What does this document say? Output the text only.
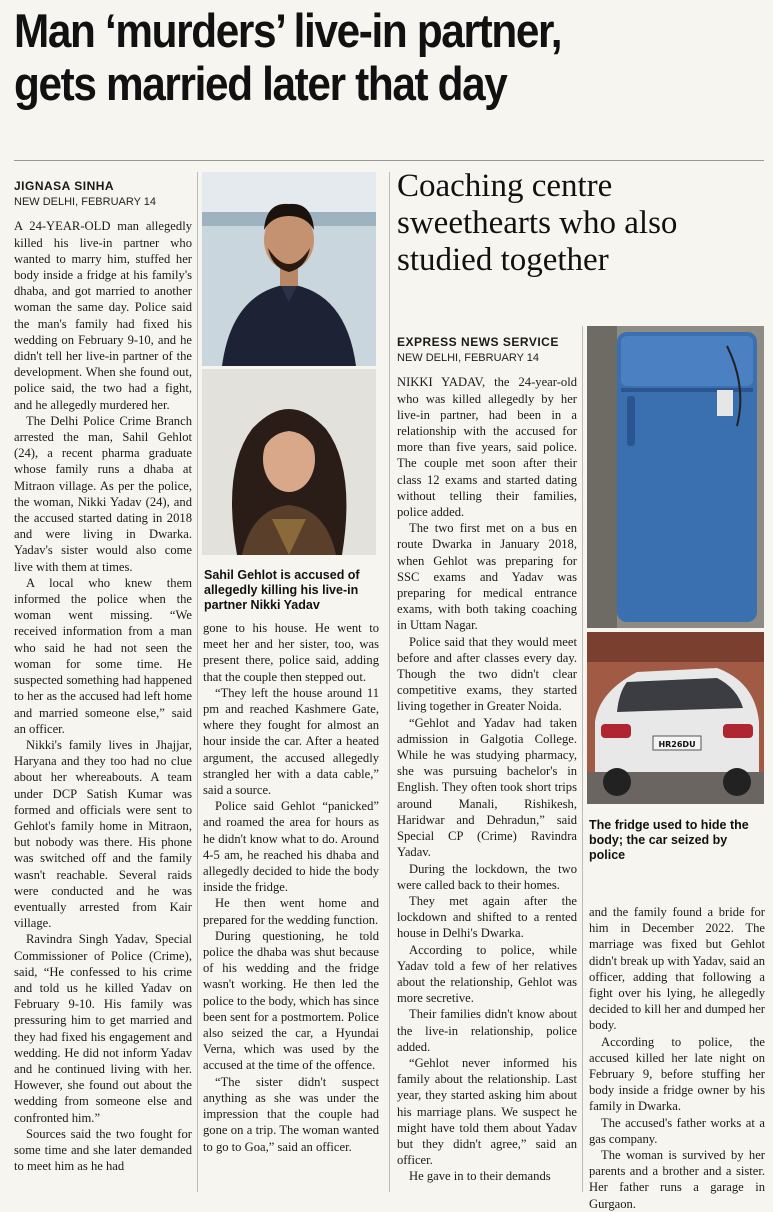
Man ‘murders’ live-in partner,
gets married later that day
JIGNASA SINHA
NEW DELHI, FEBRUARY 14

A 24-YEAR-OLD man allegedly killed his live-in partner who wanted to marry him, stuffed her body inside a fridge at his family's dhaba, and got married to another woman the same day. Police said the man's family had fixed his wedding on February 9-10, and he didn't tell her live-in partner of the development. When she found out, police said, the two had a fight, and he allegedly murdered her.

The Delhi Police Crime Branch arrested the man, Sahil Gehlot (24), a recent pharma graduate whose family runs a dhaba at Mitraon village. As per the police, the woman, Nikki Yadav (24), and the accused started dating in 2018 and were living in Dwarka. Yadav's sister would also come live with them at times.

A local who knew them informed the police when the woman went missing. “We received information from a man who said he had not seen the woman for some time. He suspected something had happened to her as the accused had left home and married someone else,” said an officer.

Nikki's family lives in Jhajjar, Haryana and they too had no clue about her whereabouts. A team under DCP Satish Kumar was formed and officials were sent to Gehlot's family home in Mitraon, but nobody was there. His phone was switched off and the family wasn't reachable. Several raids were conducted and he was eventually arrested from Kair village.

Ravindra Singh Yadav, Special Commissioner of Police (Crime), said, “He confessed to his crime and told us he killed Yadav on February 9-10. His family was pressuring him to get married and they had fixed his engagement and wedding. He did not inform Yadav and he continued living with her. However, she found out about the wedding from someone else and confronted him.”

Sources said the two fought for some time and she later demanded to meet him as he had

Sahil Gehlot is accused of allegedly killing his live-in partner Nikki Yadav

gone to his house. He went to meet her and her sister, too, was present there, police said, adding that the couple then stepped out.

“They left the house around 11 pm and reached Kashmere Gate, where they fought for almost an hour inside the car. After a heated argument, the accused allegedly strangled her with a data cable,” said a source.

Police said Gehlot “panicked” and roamed the area for hours as he didn't know what to do. Around 4-5 am, he reached his dhaba and allegedly decided to hide the body inside the fridge.

He then went home and prepared for the wedding function.

During questioning, he told police the dhaba was shut because of his wedding and the fridge wasn't working. He then led the police to the body, which has since been sent for a postmortem. Police also seized the car, a Hyundai Verna, which was used by the accused at the time of the offence.

“The sister didn't suspect anything as she was under the impression that the couple had gone on a trip. The woman wanted to go to Goa,” said an officer.

Coaching centre sweethearts who also studied together
EXPRESS NEWS SERVICE
NEW DELHI, FEBRUARY 14

NIKKI YADAV, the 24-year-old who was killed allegedly by her live-in partner, had been in a relationship with the accused for more than five years, said police. The couple met soon after their class 12 exams and started dating without telling their families, police added.

The two first met on a bus en route Dwarka in January 2018, when Gehlot was preparing for SSC exams and Yadav was preparing for medical entrance exams, with both taking coaching in Uttam Nagar.

Police said that they would meet before and after classes every day. Though the two didn't clear competitive exams, they started living together in Greater Noida.

“Gehlot and Yadav had taken admission in Galgotia College. While he was studying pharmacy, she was pursuing bachelor's in English. They often took short trips around Manali, Rishikesh, Haridwar and Dehradun,” said Special CP (Crime) Ravindra Yadav.

During the lockdown, the two were called back to their homes.

They met again after the lockdown and shifted to a rented house in Delhi's Dwarka.

According to police, while Yadav told a few of her relatives about the relationship, Gehlot was more secretive.

Their families didn't know about the live-in relationship, police added.

“Gehlot never informed his family about the relationship. Last year, they started asking him about his marriage plans. We suspect he might have told them about Yadav but they didn't agree,” said an officer.

He gave in to their demands

HR26DU
The fridge used to hide the body; the car seized by police

and the family found a bride for him in December 2022. The marriage was fixed but Gehlot didn't break up with Yadav, said an officer, adding that following a fight over his lying, he allegedly decided to kill her and dumped her body.

According to police, the accused killed her late night on February 9, before stuffing her body inside a fridge owner by his family in Dwarka.

The accused's father works at a gas company.

The woman is survived by her parents and a brother and a sister. Her father runs a garage in Gurgaon.
